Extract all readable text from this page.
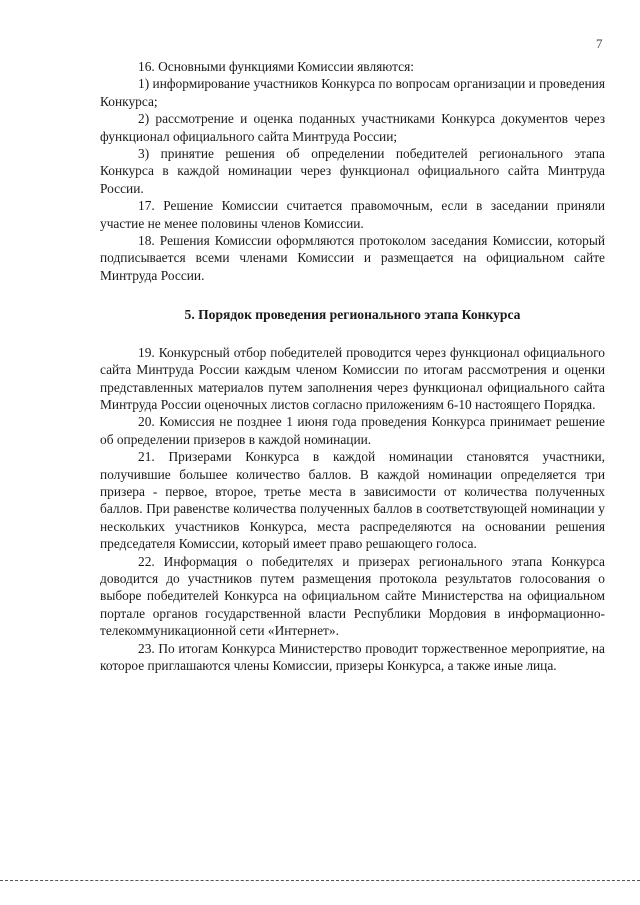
7

16. Основными функциями Комиссии являются:

1) информирование участников Конкурса по вопросам организации и проведения Конкурса;

2) рассмотрение и оценка поданных участниками Конкурса документов через функционал официального сайта Минтруда России;

3) принятие решения об определении победителей регионального этапа Конкурса в каждой номинации через функционал официального сайта Минтруда России.

17. Решение Комиссии считается правомочным, если в заседании приняли участие не менее половины членов Комиссии.

18. Решения Комиссии оформляются протоколом заседания Комиссии, который подписывается всеми членами Комиссии и размещается на официальном сайте Минтруда России.

5. Порядок проведения регионального этапа Конкурса

19. Конкурсный отбор победителей проводится через функционал официального сайта Минтруда России каждым членом Комиссии по итогам рассмотрения и оценки представленных материалов путем заполнения через функционал официального сайта Минтруда России оценочных листов согласно приложениям 6-10 настоящего Порядка.

20. Комиссия не позднее 1 июня года проведения Конкурса принимает решение об определении призеров в каждой номинации.

21. Призерами Конкурса в каждой номинации становятся участники, получившие большее количество баллов. В каждой номинации определяется три призера - первое, второе, третье места в зависимости от количества полученных баллов. При равенстве количества полученных баллов в соответствующей номинации у нескольких участников Конкурса, места распределяются на основании решения председателя Комиссии, который имеет право решающего голоса.

22. Информация о победителях и призерах регионального этапа Конкурса доводится до участников путем размещения протокола результатов голосования о выборе победителей Конкурса на официальном сайте Министерства на официальном портале органов государственной власти Республики Мордовия в информационно-телекоммуникационной сети «Интернет».

23. По итогам Конкурса Министерство проводит торжественное мероприятие, на которое приглашаются члены Комиссии, призеры Конкурса, а также иные лица.
